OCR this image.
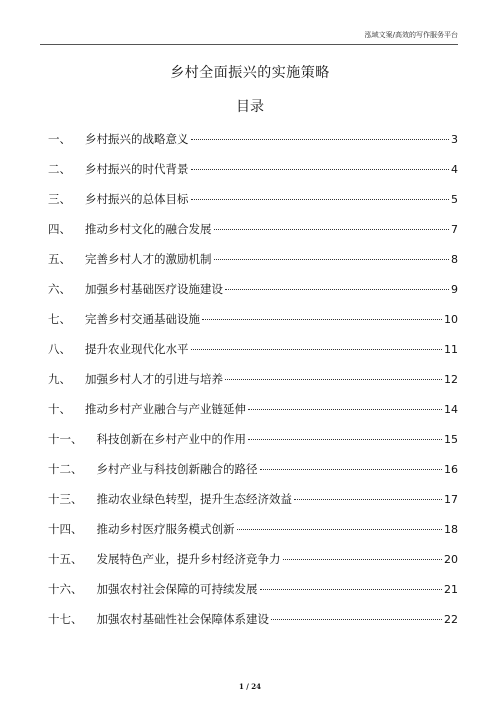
泓域文案/高效的写作服务平台
乡村全面振兴的实施策略
目录
一、	乡村振兴的战略意义	3
二、	乡村振兴的时代背景	4
三、	乡村振兴的总体目标	5
四、	推动乡村文化的融合发展	7
五、	完善乡村人才的激励机制	8
六、	加强乡村基础医疗设施建设	9
七、	完善乡村交通基础设施	10
八、	提升农业现代化水平	11
九、	加强乡村人才的引进与培养	12
十、	推动乡村产业融合与产业链延伸	14
十一、	科技创新在乡村产业中的作用	15
十二、	乡村产业与科技创新融合的路径	16
十三、	推动农业绿色转型，提升生态经济效益	17
十四、	推动乡村医疗服务模式创新	18
十五、	发展特色产业，提升乡村经济竞争力	20
十六、	加强农村社会保障的可持续发展	21
十七、	加强农村基础性社会保障体系建设	22
1 / 24
